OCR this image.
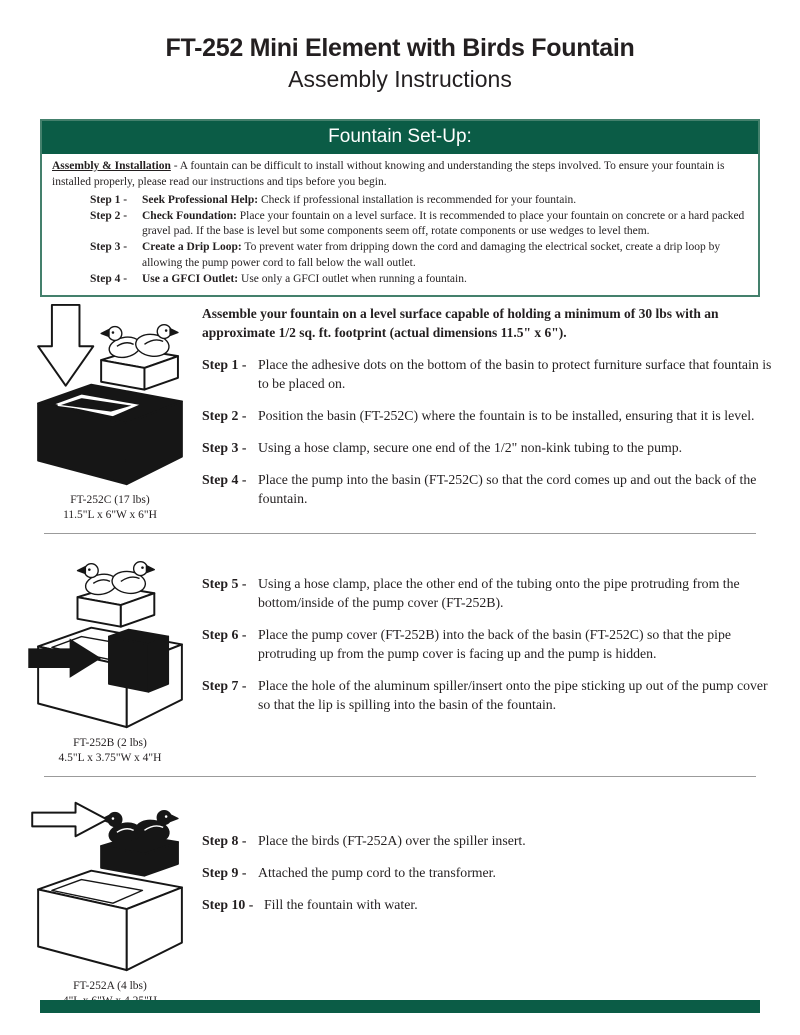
FT-252 Mini Element with Birds Fountain
Assembly Instructions
Fountain Set-Up:

Assembly & Installation - A fountain can be difficult to install without knowing and understanding the steps involved. To ensure your fountain is installed properly, please read our instructions and tips before you begin.

Step 1 -	Seek Professional Help: Check if professional installation is recommended for your fountain.

Step 2 -	Check Foundation: Place your fountain on a level surface. It is recommended to place your fountain on concrete or a hard packed gravel pad. If the base is level but some components seem off, rotate components or use wedges to level them.

Step 3 -	Create a Drip Loop: To prevent water from dripping down the cord and damaging the electrical socket, create a drip loop by allowing the pump power cord to fall below the wall outlet.

Step 4 -	Use a GFCI Outlet: Use only a GFCI outlet when running a fountain.

FT-252C (17 lbs)
11.5"L x 6"W x 6"H

Assemble your fountain on a level surface capable of holding a minimum of 30 lbs with an approximate 1/2 sq. ft. footprint (actual dimensions 11.5" x 6").

Step 1 - Place the adhesive dots on the bottom of the basin to protect furniture surface that fountain is to be placed on.

Step 2 - Position the basin (FT-252C) where the fountain is to be installed, ensuring that it is level.

Step 3 - Using a hose clamp, secure one end of the 1/2" non-kink tubing to the pump.

Step 4 - Place the pump into the basin (FT-252C) so that the cord comes up and out the back of the fountain.

FT-252B (2 lbs)
4.5"L x 3.75"W x 4"H
Step 5 - Using a hose clamp, place the other end of the tubing onto the pipe protruding from the bottom/inside of the pump cover (FT-252B).

Step 6 - Place the pump cover (FT-252B) into the back of the basin (FT-252C) so that the pipe protruding up from the pump cover is facing up and the pump is hidden.

Step 7 - Place the hole of the aluminum spiller/insert onto the pipe sticking up out of the pump cover so that the lip is spilling into the basin of the fountain.

FT-252A (4 lbs)
Step 8 - Place the birds (FT-252A) over the spiller insert.

Step 9 - Attached the pump cord to the transformer.

Step 10 - Fill the fountain with water.
